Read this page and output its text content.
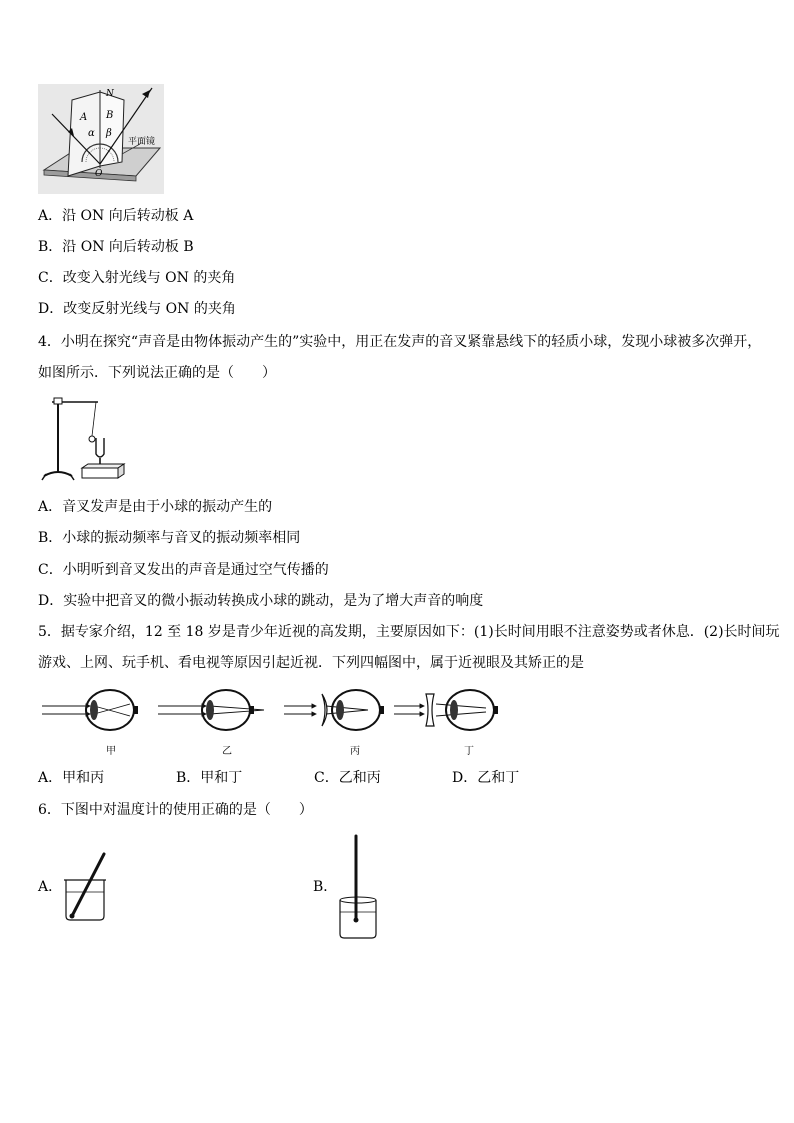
N
A B
α β
O
平面镜
A．沿 ON 向后转动板 A
B．沿 ON 向后转动板 B
C．改变入射光线与 ON 的夹角
D．改变反射光线与 ON 的夹角
4．小明在探究“声音是由物体振动产生的”实验中，用正在发声的音叉紧靠悬线下的轻质小球，发现小球被多次弹开，
如图所示．下列说法正确的是（　　）
A．音叉发声是由于小球的振动产生的
B．小球的振动频率与音叉的振动频率相同
C．小明听到音叉发出的声音是通过空气传播的
D．实验中把音叉的微小振动转换成小球的跳动，是为了增大声音的响度
5．据专家介绍，12 至 18 岁是青少年近视的高发期，主要原因如下：(1)长时间用眼不注意姿势或者休息．(2)长时间玩
游戏、上网、玩手机、看电视等原因引起近视．下列四幅图中，属于近视眼及其矫正的是
甲	乙	丙	丁
A．甲和丙	B．甲和丁	C．乙和丙	D．乙和丁
6．下图中对温度计的使用正确的是（　　）
A．	B．
